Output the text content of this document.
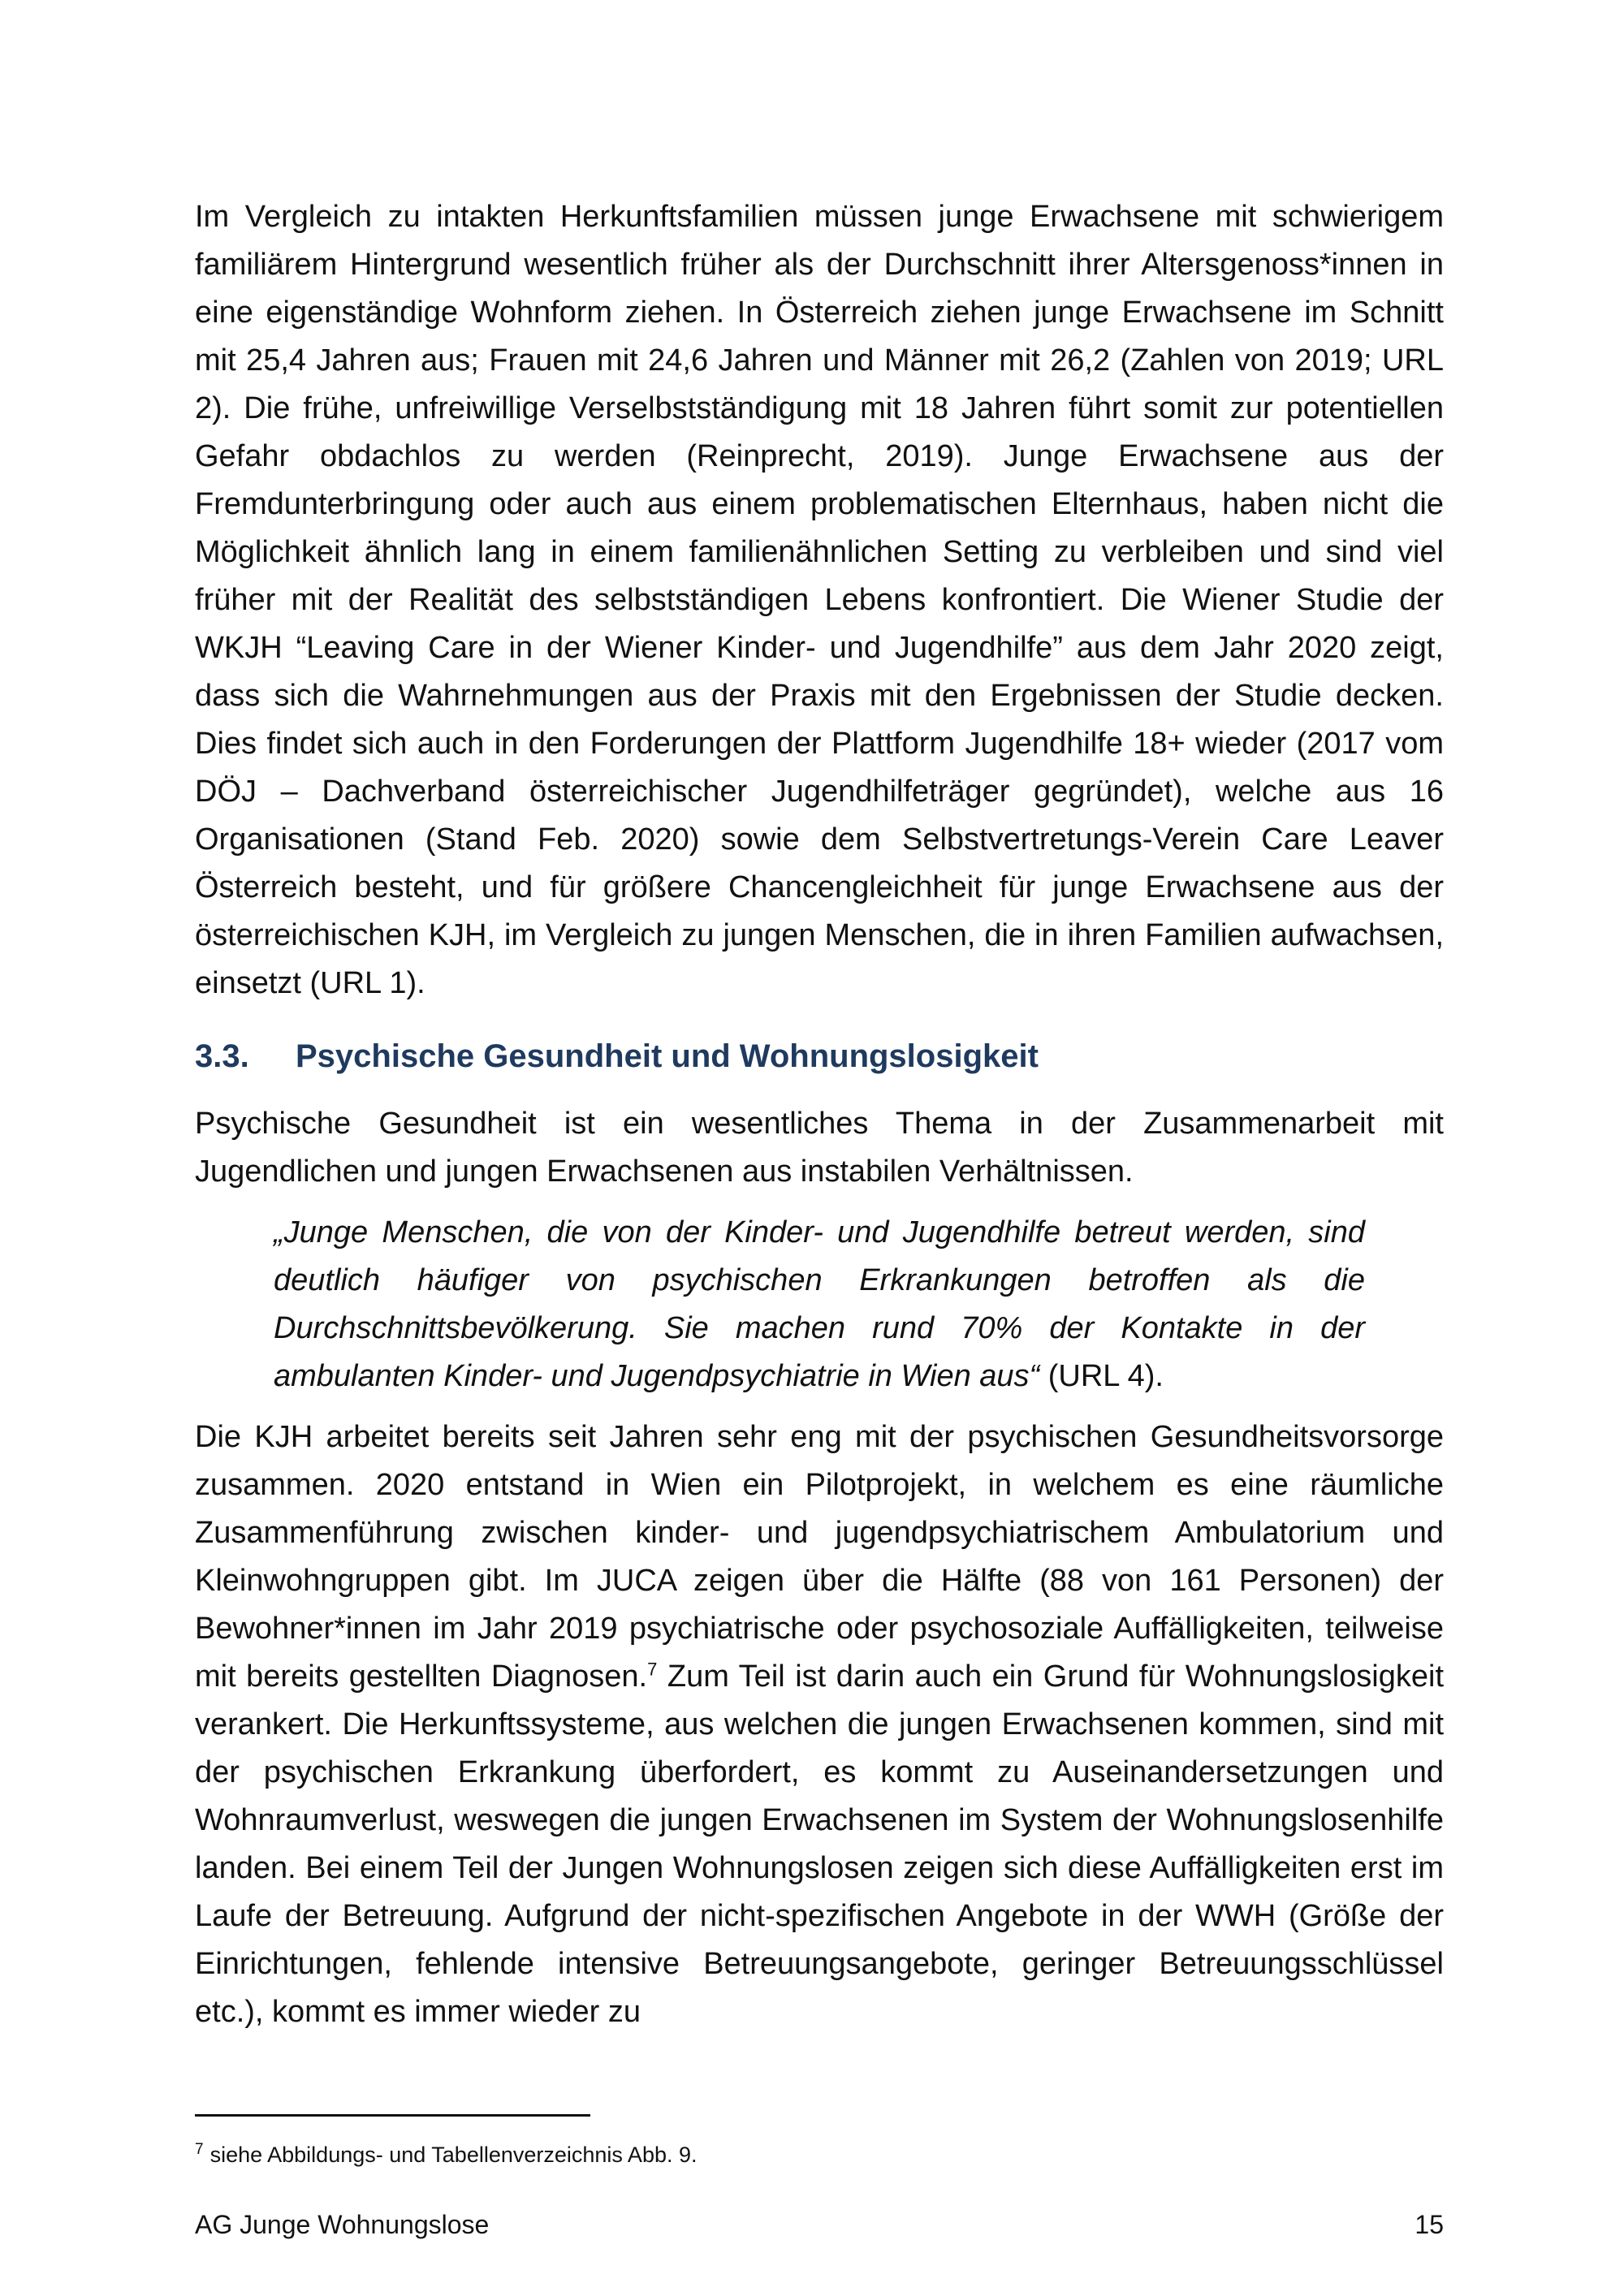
Im Vergleich zu intakten Herkunftsfamilien müssen junge Erwachsene mit schwierigem familiärem Hintergrund wesentlich früher als der Durchschnitt ihrer Altersgenoss*innen in eine eigenständige Wohnform ziehen. In Österreich ziehen junge Erwachsene im Schnitt mit 25,4 Jahren aus; Frauen mit 24,6 Jahren und Männer mit 26,2 (Zahlen von 2019; URL 2). Die frühe, unfreiwillige Verselbstständigung mit 18 Jahren führt somit zur potentiellen Gefahr obdachlos zu werden (Reinprecht, 2019). Junge Erwachsene aus der Fremdunterbringung oder auch aus einem problematischen Elternhaus, haben nicht die Möglichkeit ähnlich lang in einem familienähnlichen Setting zu verbleiben und sind viel früher mit der Realität des selbstständigen Lebens konfrontiert. Die Wiener Studie der WKJH “Leaving Care in der Wiener Kinder- und Jugendhilfe” aus dem Jahr 2020 zeigt, dass sich die Wahrnehmungen aus der Praxis mit den Ergebnissen der Studie decken. Dies findet sich auch in den Forderungen der Plattform Jugendhilfe 18+ wieder (2017 vom DÖJ – Dachverband österreichischer Jugendhilfeträger gegründet), welche aus 16 Organisationen (Stand Feb. 2020) sowie dem Selbstvertretungs-Verein Care Leaver Österreich besteht, und für größere Chancengleichheit für junge Erwachsene aus der österreichischen KJH, im Vergleich zu jungen Menschen, die in ihren Familien aufwachsen, einsetzt (URL 1).

3.3.	Psychische Gesundheit und Wohnungslosigkeit

Psychische Gesundheit ist ein wesentliches Thema in der Zusammenarbeit mit Jugendlichen und jungen Erwachsenen aus instabilen Verhältnissen.

„Junge Menschen, die von der Kinder- und Jugendhilfe betreut werden, sind deutlich häufiger von psychischen Erkrankungen betroffen als die Durchschnittsbevölkerung. Sie machen rund 70% der Kontakte in der ambulanten Kinder- und Jugendpsychiatrie in Wien aus“ (URL 4).

Die KJH arbeitet bereits seit Jahren sehr eng mit der psychischen Gesundheitsvorsorge zusammen. 2020 entstand in Wien ein Pilotprojekt, in welchem es eine räumliche Zusammenführung zwischen kinder- und jugendpsychiatrischem Ambulatorium und Kleinwohngruppen gibt. Im JUCA zeigen über die Hälfte (88 von 161 Personen) der Bewohner*innen im Jahr 2019 psychiatrische oder psychosoziale Auffälligkeiten, teilweise mit bereits gestellten Diagnosen.$^7$ Zum Teil ist darin auch ein Grund für Wohnungslosigkeit verankert. Die Herkunftssysteme, aus welchen die jungen Erwachsenen kommen, sind mit der psychischen Erkrankung überfordert, es kommt zu Auseinandersetzungen und Wohnraumverlust, weswegen die jungen Erwachsenen im System der Wohnungslosenhilfe landen. Bei einem Teil der Jungen Wohnungslosen zeigen sich diese Auffälligkeiten erst im Laufe der Betreuung. Aufgrund der nicht-spezifischen Angebote in der WWH (Größe der Einrichtungen, fehlende intensive Betreuungsangebote, geringer Betreuungsschlüssel etc.), kommt es immer wieder zu

$^7$ siehe Abbildungs- und Tabellenverzeichnis Abb. 9.
AG Junge Wohnungslose	15
